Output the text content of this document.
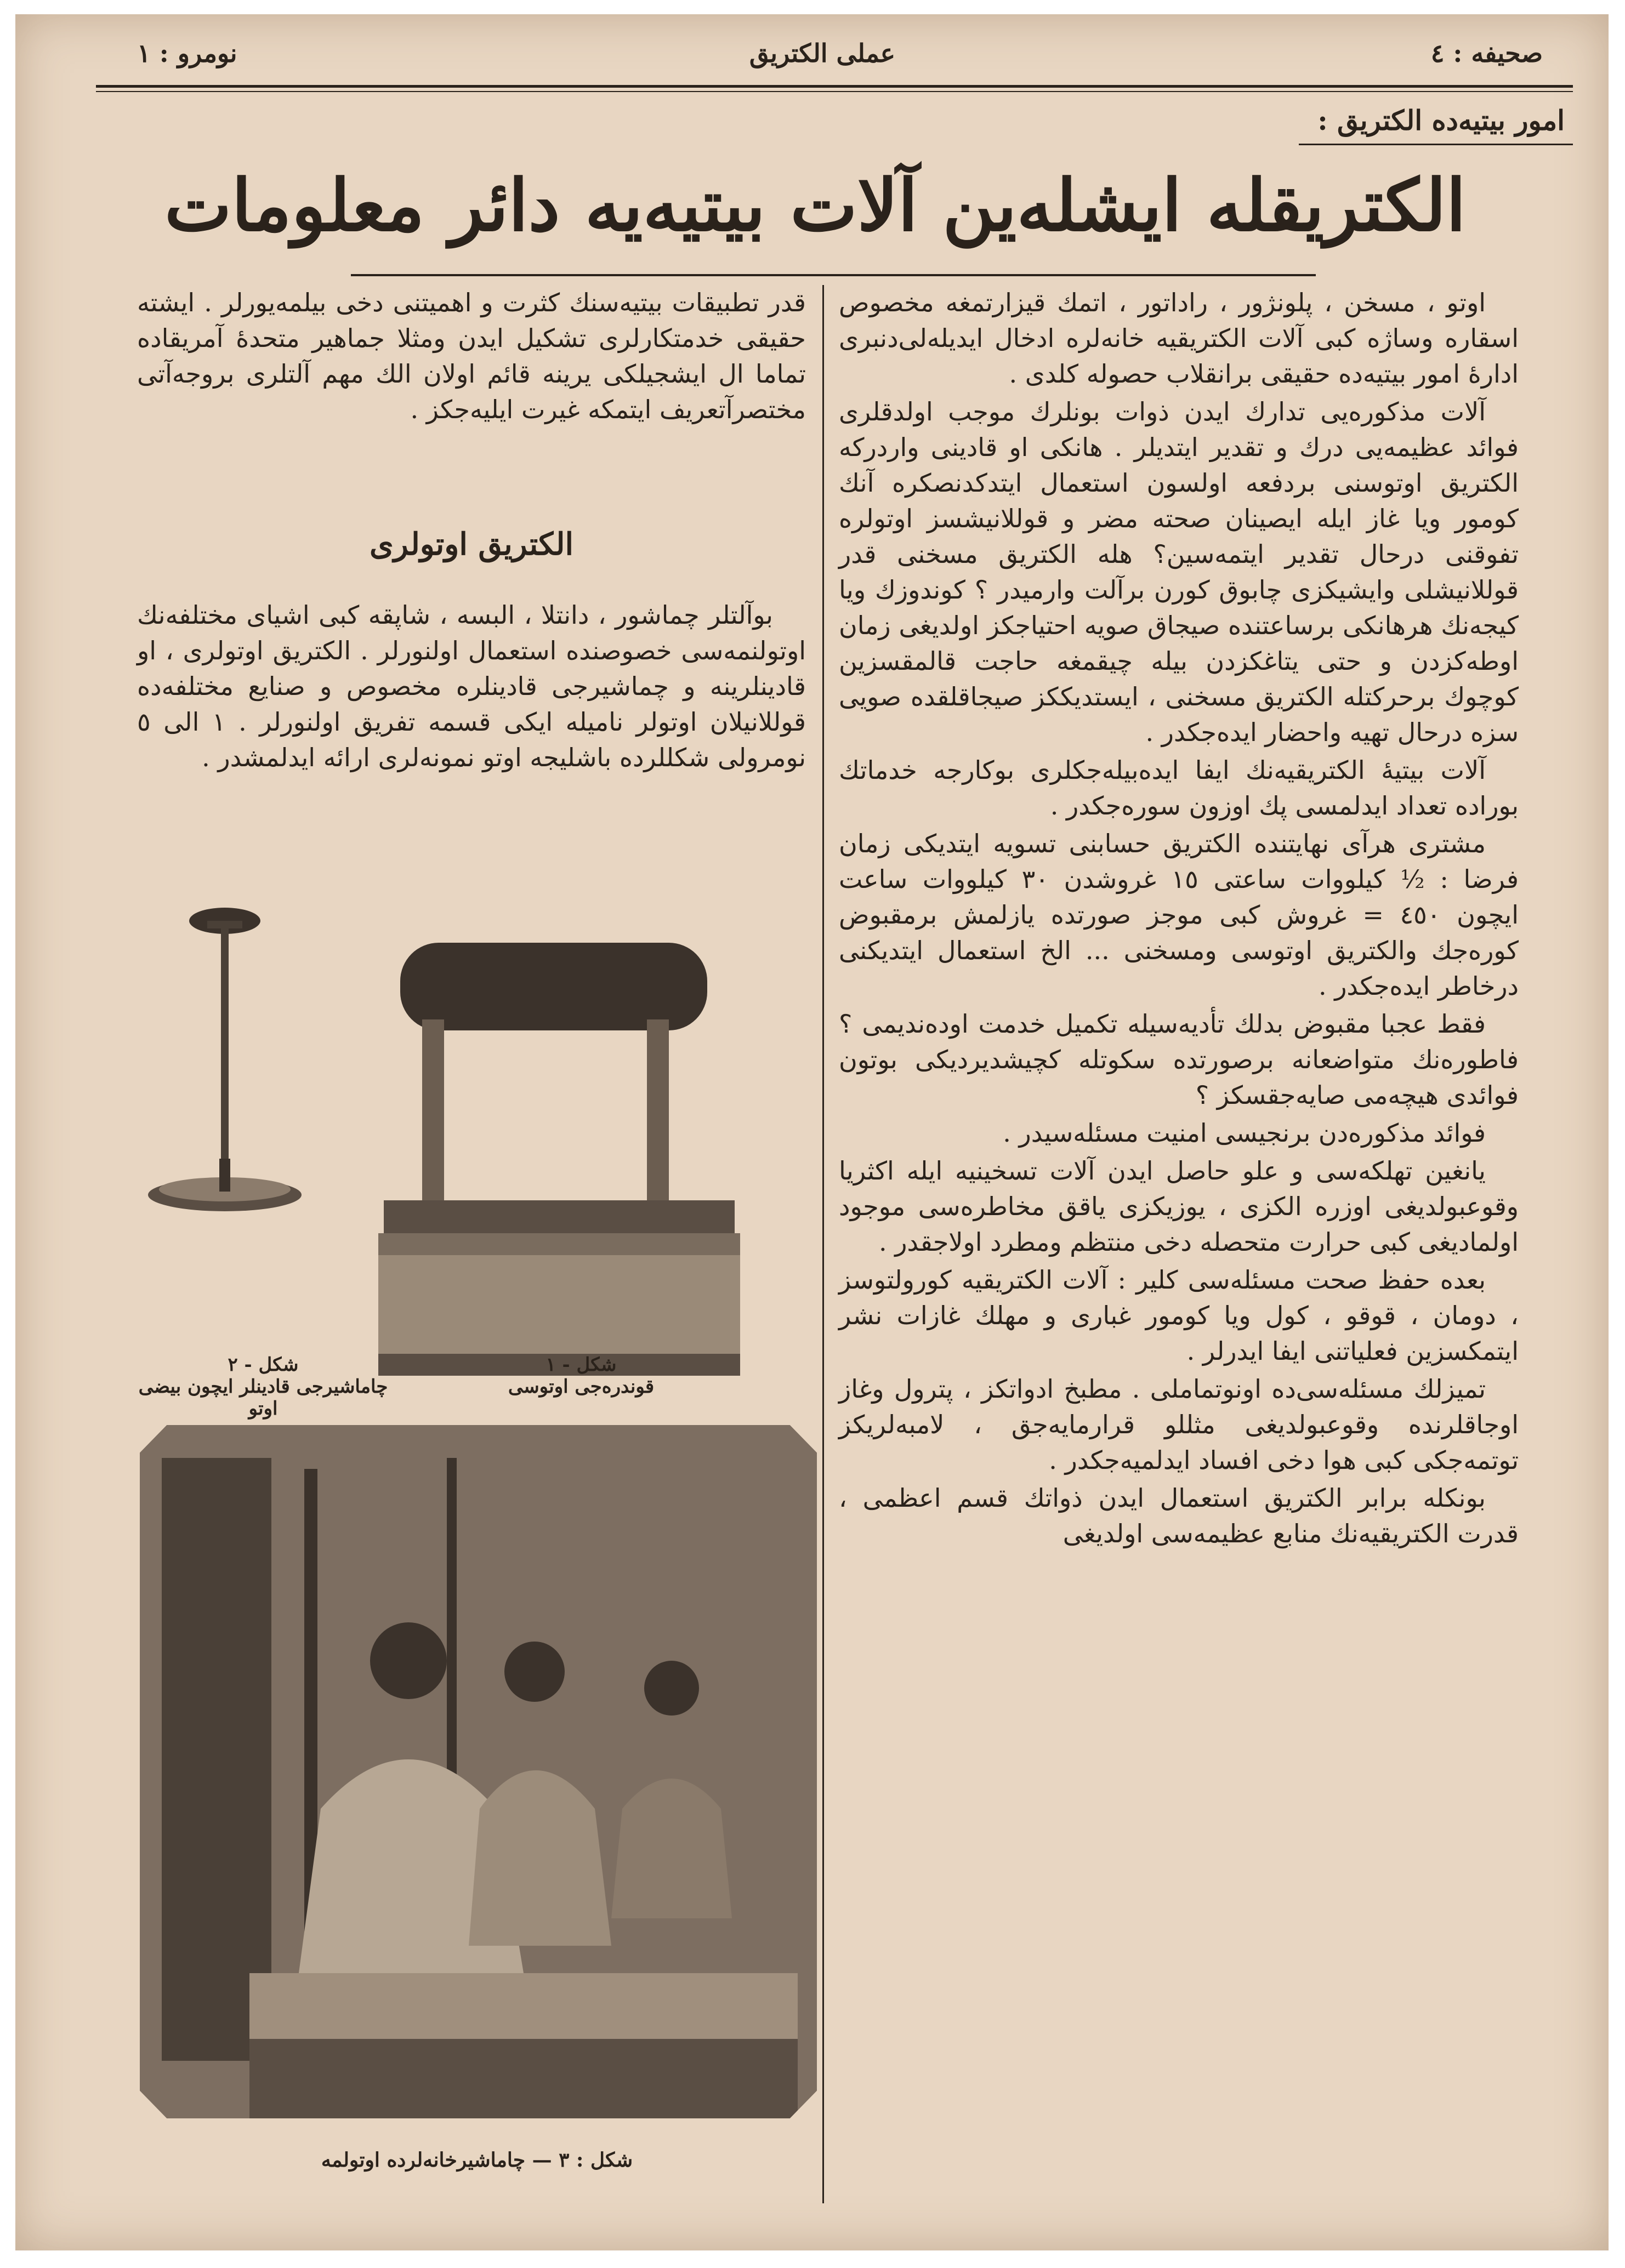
صحيفه : ٤
عملى الكتريق
نومرو : ١
امور بيتيه‌ده الكتريق :
الكتريقله ايشله‌ين آلات بيتيه‌يه دائر معلومات

اوتو ، مسخن ، پلونژور ، راداتور ، اتمك قيزارتمغه مخصوص اسقاره وساژه كبى آلات الكتريقيه خانه‌لره ادخال ايديله‌لى‌دنبرى اداره‌ٔ امور بيتيه‌ده حقيقى برانقلاب حصوله كلدى .

آلات مذكوره‌يى تدارك ايدن ذوات بونلرك موجب اولدقلرى فوائد عظيمه‌يى درك و تقدير ايتديلر . هانكى او قادينى واردركه الكتريق اوتوسنى بردفعه اولسون استعمال ايتدكدنصكره آنك كومور ويا غاز ايله ايصينان صحته مضر و قوللانيشسز اوتولره تفوقنى درحال تقدير ايتمه‌سين؟ هله الكتريق مسخنى قدر قوللانيشلى وايشيكزى چابوق كورن برآلت وارميدر ؟ كوندوزك ويا كيجه‌نك هرهانكى برساعتنده صيجاق صويه احتياجكز اولديغى زمان اوطه‌كزدن و حتى يتاغكزدن بيله چيقمغه حاجت قالمقسزين كوچوك برحركتله الكتريق مسخنى ، ايستديككز صيجاقلقده صويى سزه درحال تهيه واحضار ايده‌جكدر .

آلات بيتيه‌ٔ الكتريقيه‌نك ايفا ايده‌بيله‌جكلرى بوكارجه خدماتك بوراده تعداد ايدلمسى پك اوزون سوره‌جكدر .

مشترى هرآى نهايتنده الكتريق حسابنى تسويه ايتديكى زمان فرضا : ½ كيلووات ساعتى ١٥ غروشدن ٣٠ كيلووات ساعت ايچون ٤٥٠ = غروش كبى موجز صورتده يازلمش برمقبوض كوره‌جك والكتريق اوتوسى ومسخنى ... الخ استعمال ايتديكنى درخاطر ايده‌جكدر .

فقط عجبا مقبوض بدلك تأديه‌سيله تكميل خدمت اوده‌نديمى ؟ فاطوره‌نك متواضعانه برصورتده سكوتله كچيشديرديكى بوتون فوائدى هيچه‌مى صايه‌جقسكز ؟

فوائد مذكوره‌دن برنجيسى امنيت مسئله‌سيدر .

يانغين تهلكه‌سى و علو حاصل ايدن آلات تسخينيه ايله اكثريا وقوعبولديغى اوزره الكزى ، يوزيكزى ياقق مخاطره‌سى موجود اولماديغى كبى حرارت متحصله دخى منتظم ومطرد اولاجقدر .

بعده حفظ صحت مسئله‌سى كلير : آلات الكتريقيه كورولتوسز ، دومان ، قوقو ، كول ويا كومور غبارى و مهلك غازات نشر ايتمكسزين فعلياتنى ايفا ايدرلر .

تميزلك مسئله‌سى‌ده اونوتماملى . مطبخ ادواتكز ، پترول وغاز اوجاقلرنده وقوعبولديغى مثللو قرارمايه‌جق ، لامبه‌لريكز توتمه‌جكى كبى هوا دخى افساد ايدلميه‌جكدر .

بونكله برابر الكتريق استعمال ايدن ذواتك قسم اعظمى ، قدرت الكتريقيه‌نك منابع عظيمه‌سى اولديغى

قدر تطبيقات بيتيه‌سنك كثرت و اهميتنى دخى بيلمه‌يورلر . ايشته حقيقى خدمتكارلرى تشكيل ايدن ومثلا جماهير متحده‌ٔ آمريقاده تماما ال ايشجيلكى يرينه قائم اولان الك مهم آلتلرى بروجه‌آتى مختصرآتعريف ايتمكه غيرت ايليه‌جكز .

الكتريق اوتولرى

بوآلتلر چماشور ، دانتلا ، البسه ، شاپقه كبى اشياى مختلفه‌نك اوتولنمه‌سى خصوصنده استعمال اولنورلر . الكتريق اوتولرى ، او قادينلرينه و چماشيرجى قادينلره مخصوص و صنايع مختلفه‌ده قوللانيلان اوتولر ناميله ايكى قسمه تفريق اولنورلر . ١ الى ٥ نومرولى شكللرده باشليجه اوتو نمونه‌لرى ارائه ايدلمشدر .

شكل - ٢
چاماشيرجى قادينلر ايچون بيضى اوتو
شكل - ١
قوندره‌جى اوتوسى
شكل : ٣ — چاماشيرخانه‌لرده اوتولمه
